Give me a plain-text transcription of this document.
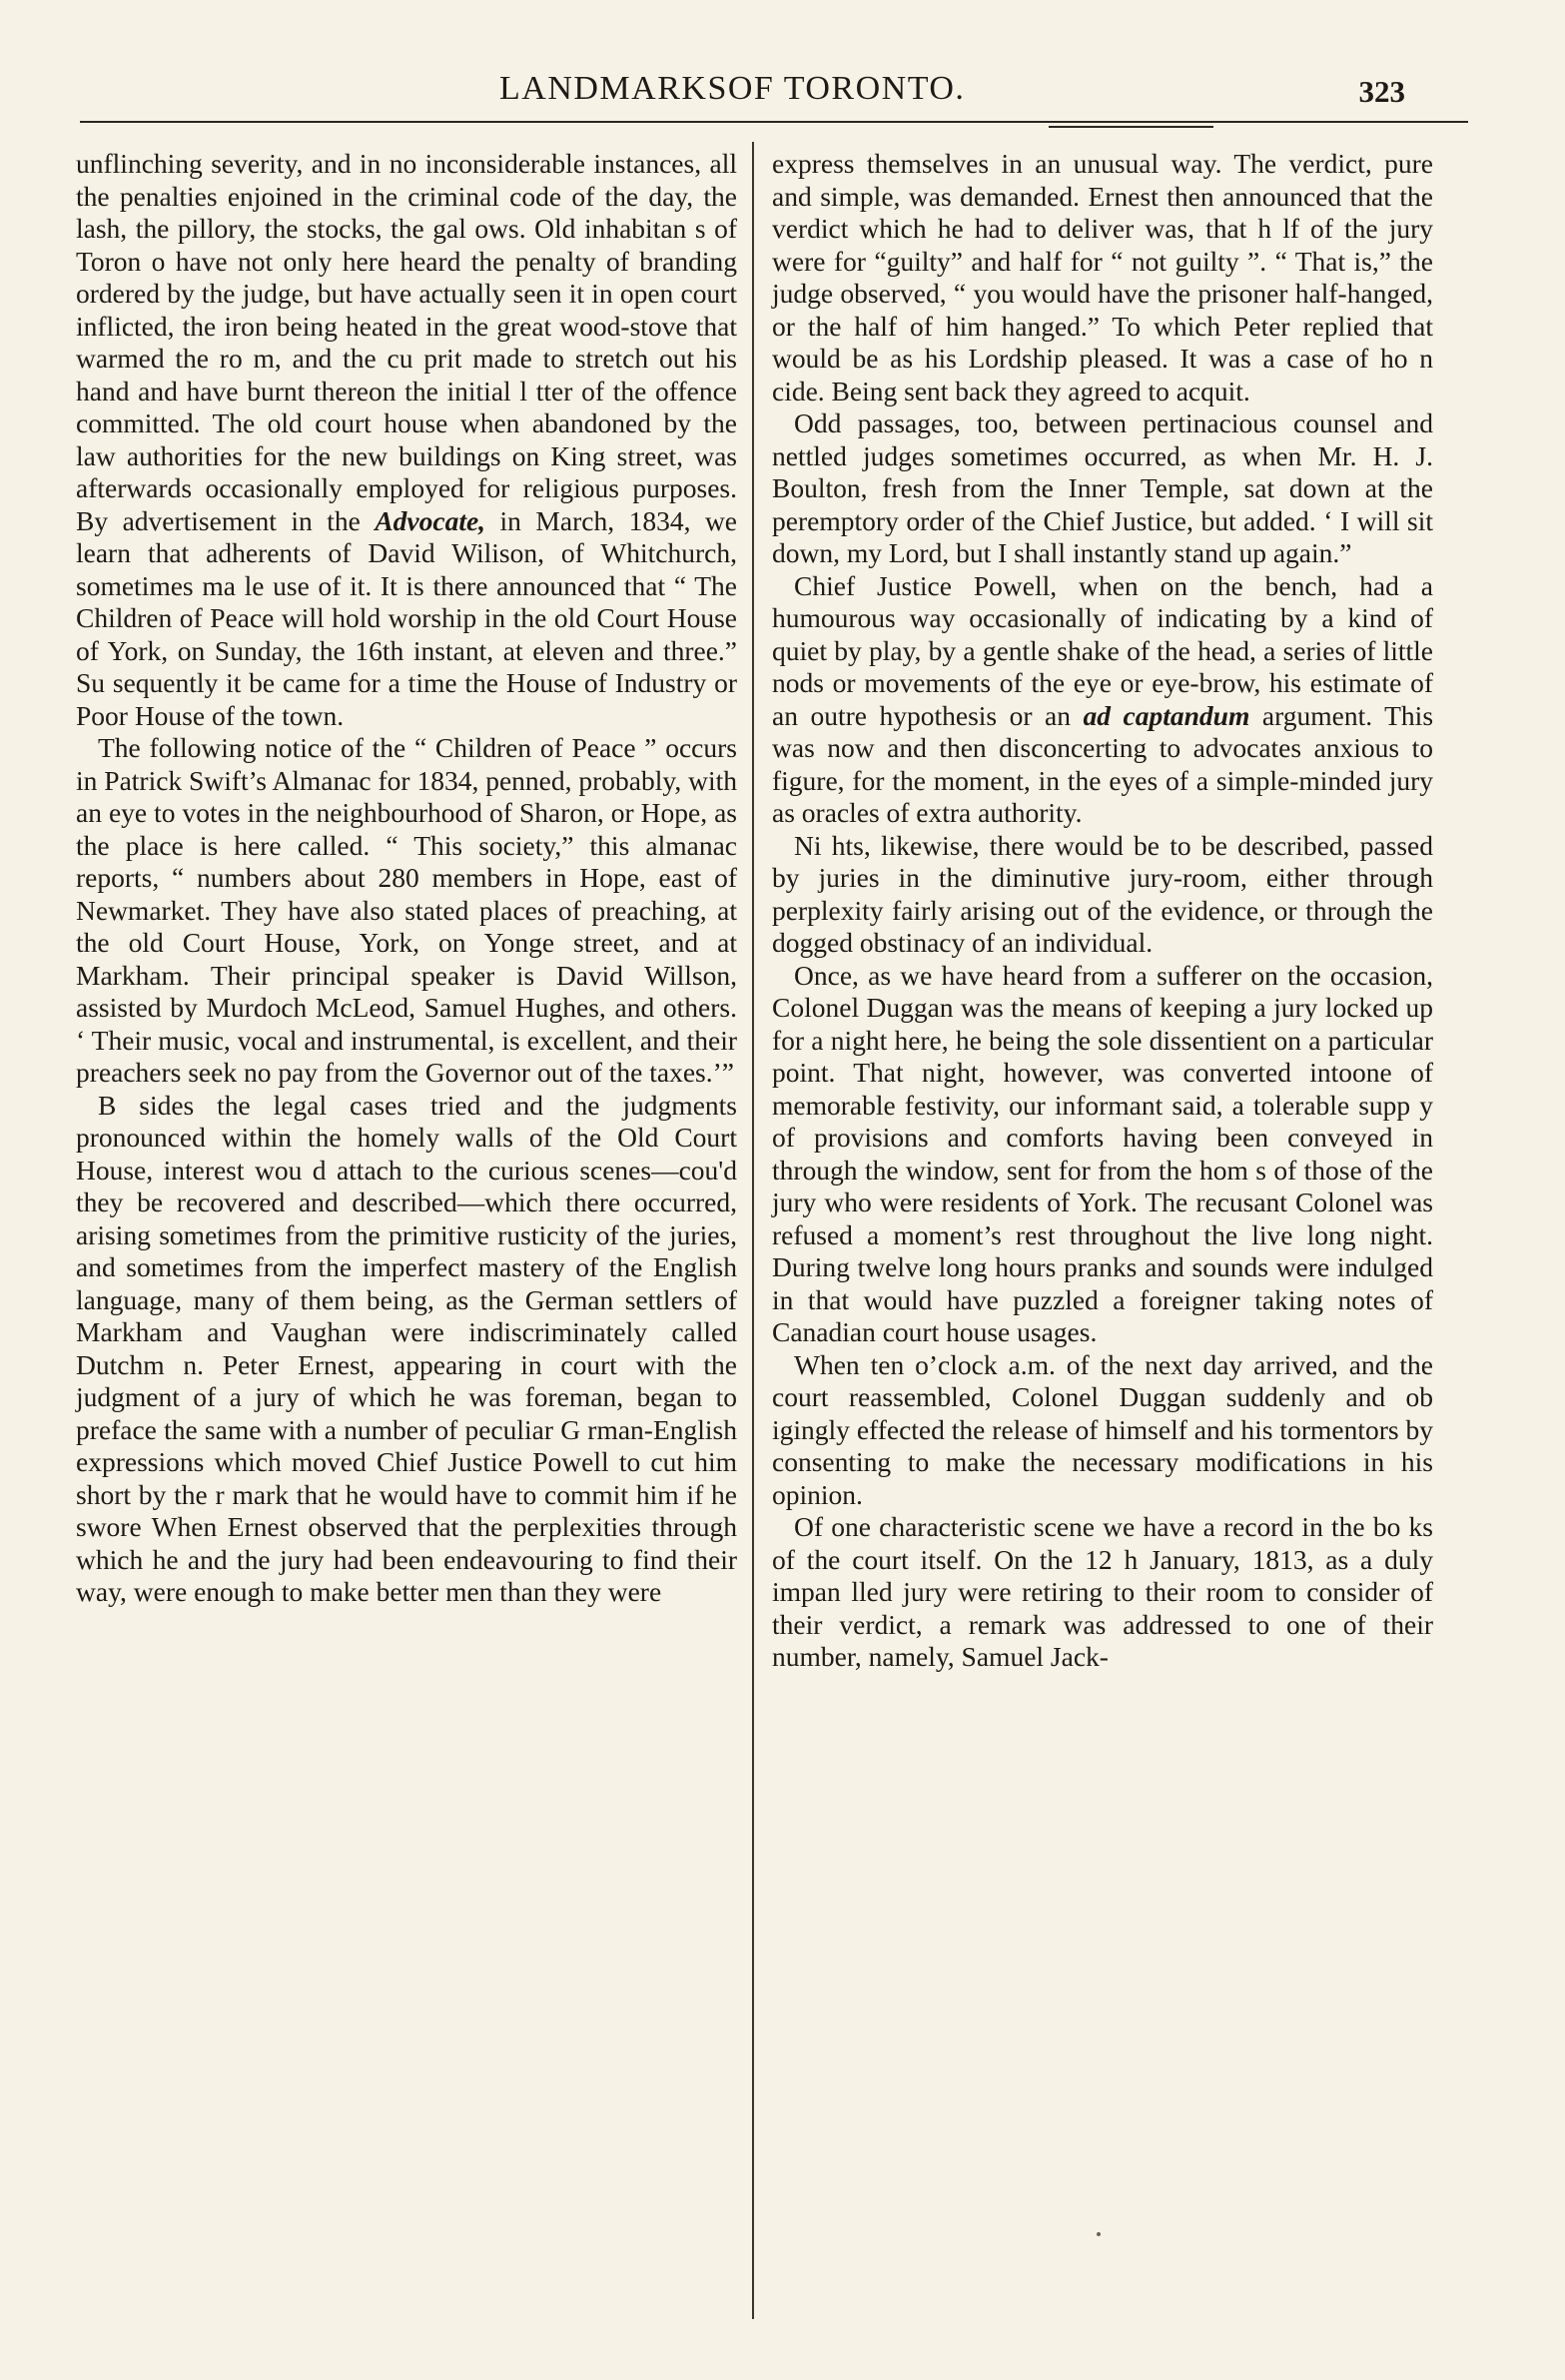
LANDMARKSOF TORONTO.	323

unflinching severity, and in no inconsiderable instances, all the penalties enjoined in the criminal code of the day, the lash, the pillory, the stocks, the gal ows. Old inhabitan s of Toron o have not only here heard the penalty of branding ordered by the judge, but have actually seen it in open court inflicted, the iron being heated in the great wood-stove that warmed the ro m, and the cu prit made to stretch out his hand and have burnt thereon the initial l tter of the offence committed. The old court house when abandoned by the law authorities for the new buildings on King street, was afterwards occasionally employed for religious purposes. By advertisement in the Advocate, in March, 1834, we learn that adherents of David Wilison, of Whitchurch, sometimes ma le use of it. It is there announced that “ The Children of Peace will hold worship in the old Court House of York, on Sunday, the 16th instant, at eleven and three.” Su sequently it be came for a time the House of Industry or Poor House of the town.

The following notice of the “ Children of Peace ” occurs in Patrick Swift’s Almanac for 1834, penned, probably, with an eye to votes in the neighbourhood of Sharon, or Hope, as the place is here called. “ This society,” this almanac reports, “ numbers about 280 members in Hope, east of Newmarket. They have also stated places of preaching, at the old Court House, York, on Yonge street, and at Markham. Their principal speaker is David Willson, assisted by Murdoch McLeod, Samuel Hughes, and others. ‘ Their music, vocal and instrumental, is excellent, and their preachers seek no pay from the Governor out of the taxes.’”

B sides the legal cases tried and the judgments pronounced within the homely walls of the Old Court House, interest wou d attach to the curious scenes—cou'd they be recovered and described—which there occurred, arising sometimes from the primitive rusticity of the juries, and sometimes from the imperfect mastery of the English language, many of them being, as the German settlers of Markham and Vaughan were indiscriminately called Dutchm n. Peter Ernest, appearing in court with the judgment of a jury of which he was foreman, began to preface the same with a number of peculiar G rman-English expressions which moved Chief Justice Powell to cut him short by the r mark that he would have to commit him if he swore When Ernest observed that the perplexities through which he and the jury had been endeavouring to find their way, were enough to make better men than they were

express themselves in an unusual way. The verdict, pure and simple, was demanded. Ernest then announced that the verdict which he had to deliver was, that h lf of the jury were for “guilty” and half for “ not guilty ”. “ That is,” the judge observed, “ you would have the prisoner half-hanged, or the half of him hanged.” To which Peter replied that would be as his Lordship pleased. It was a case of ho n cide. Being sent back they agreed to acquit.

Odd passages, too, between pertinacious counsel and nettled judges sometimes occurred, as when Mr. H. J. Boulton, fresh from the Inner Temple, sat down at the peremptory order of the Chief Justice, but added. ‘ I will sit down, my Lord, but I shall instantly stand up again.”

Chief Justice Powell, when on the bench, had a humourous way occasionally of indicating by a kind of quiet by play, by a gentle shake of the head, a series of little nods or movements of the eye or eye-brow, his estimate of an outre hypothesis or an ad captandum argument. This was now and then disconcerting to advocates anxious to figure, for the moment, in the eyes of a simple-minded jury as oracles of extra authority.

Ni hts, likewise, there would be to be described, passed by juries in the diminutive jury-room, either through perplexity fairly arising out of the evidence, or through the dogged obstinacy of an individual.

Once, as we have heard from a sufferer on the occasion, Colonel Duggan was the means of keeping a jury locked up for a night here, he being the sole dissentient on a particular point. That night, however, was converted intoone of memorable festivity, our informant said, a tolerable supp y of provisions and comforts having been conveyed in through the window, sent for from the hom s of those of the jury who were residents of York. The recusant Colonel was refused a moment’s rest throughout the live long night. During twelve long hours pranks and sounds were indulged in that would have puzzled a foreigner taking notes of Canadian court house usages.

When ten o’clock a.m. of the next day arrived, and the court reassembled, Colonel Duggan suddenly and ob igingly effected the release of himself and his tormentors by consenting to make the necessary modifications in his opinion.

Of one characteristic scene we have a record in the bo ks of the court itself. On the 12 h January, 1813, as a duly impan lled jury were retiring to their room to consider of their verdict, a remark was addressed to one of their number, namely, Samuel Jack-
